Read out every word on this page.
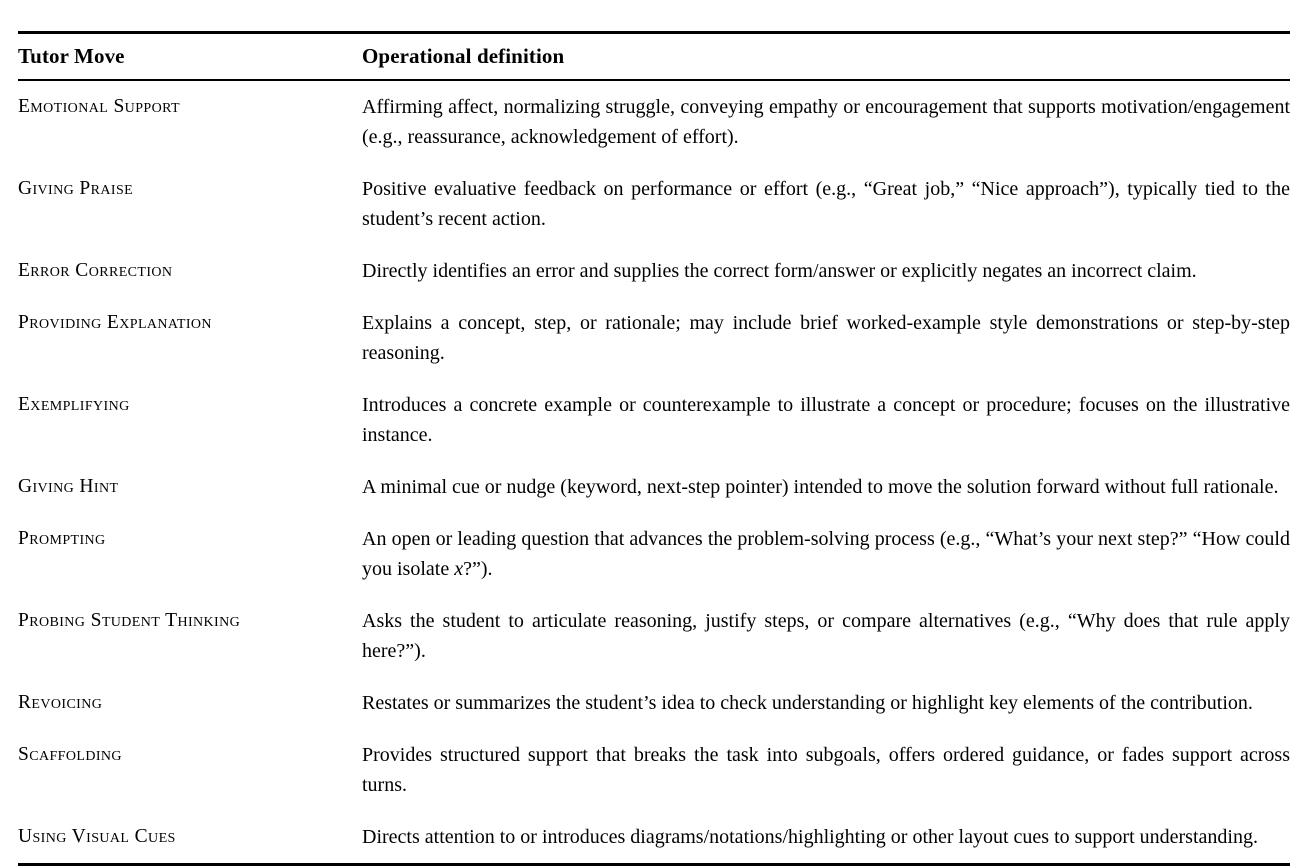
Tutor Move	Operational definition
Emotional Support	Affirming affect, normalizing struggle, conveying empathy or encouragement that supports motivation/engagement (e.g., reassurance, acknowledgement of effort).
Giving Praise	Positive evaluative feedback on performance or effort (e.g., “Great job,” “Nice approach”), typically tied to the student’s recent action.
Error Correction	Directly identifies an error and supplies the correct form/answer or explicitly negates an incorrect claim.
Providing Explanation	Explains a concept, step, or rationale; may include brief worked-example style demonstrations or step-by-step reasoning.
Exemplifying	Introduces a concrete example or counterexample to illustrate a concept or procedure; focuses on the illustrative instance.
Giving Hint	A minimal cue or nudge (keyword, next-step pointer) intended to move the solution forward without full rationale.
Prompting	An open or leading question that advances the problem-solving process (e.g., “What’s your next step?” “How could you isolate x?”).
Probing Student Thinking	Asks the student to articulate reasoning, justify steps, or compare alternatives (e.g., “Why does that rule apply here?”).
Revoicing	Restates or summarizes the student’s idea to check understanding or highlight key elements of the contribution.
Scaffolding	Provides structured support that breaks the task into subgoals, offers ordered guidance, or fades support across turns.
Using Visual Cues	Directs attention to or introduces diagrams/notations/highlighting or other layout cues to support understanding.
